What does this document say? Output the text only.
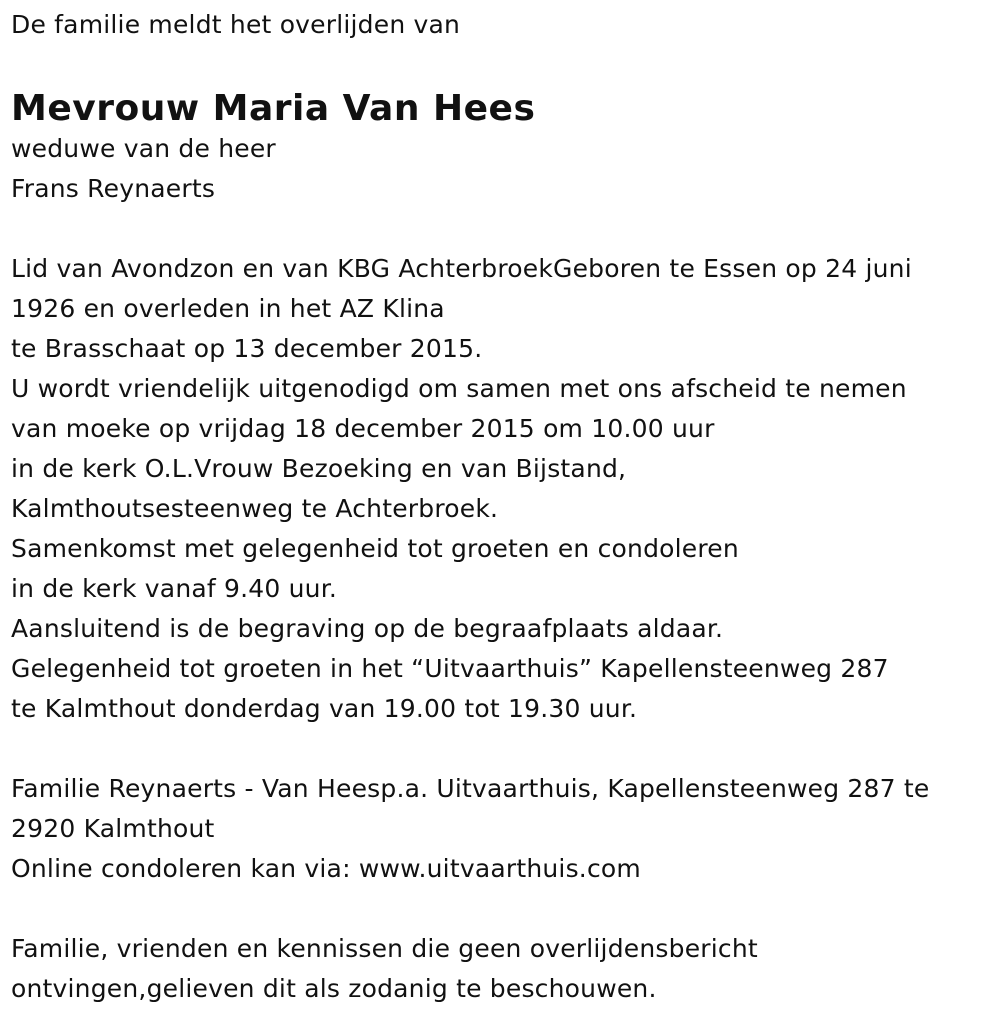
De familie meldt het overlijden van
Mevrouw Maria Van Hees
weduwe van de heer
Frans Reynaerts
Lid van Avondzon en van KBG AchterbroekGeboren te Essen op 24 juni
1926 en overleden in het AZ Klina
te Brasschaat op 13 december 2015.
U wordt vriendelijk uitgenodigd om samen met ons afscheid te nemen
van moeke op vrijdag 18 december 2015 om 10.00 uur
in de kerk O.L.Vrouw Bezoeking en van Bijstand,
Kalmthoutsesteenweg te Achterbroek.
Samenkomst met gelegenheid tot groeten en condoleren
in de kerk vanaf 9.40 uur.
Aansluitend is de begraving op de begraafplaats aldaar.
Gelegenheid tot groeten in het “Uitvaarthuis” Kapellensteenweg 287
te Kalmthout donderdag van 19.00 tot 19.30 uur.
Familie Reynaerts - Van Heesp.a. Uitvaarthuis, Kapellensteenweg 287 te
2920 Kalmthout
Online condoleren kan via: www.uitvaarthuis.com
Familie, vrienden en kennissen die geen overlijdensbericht
ontvingen,gelieven dit als zodanig te beschouwen.
